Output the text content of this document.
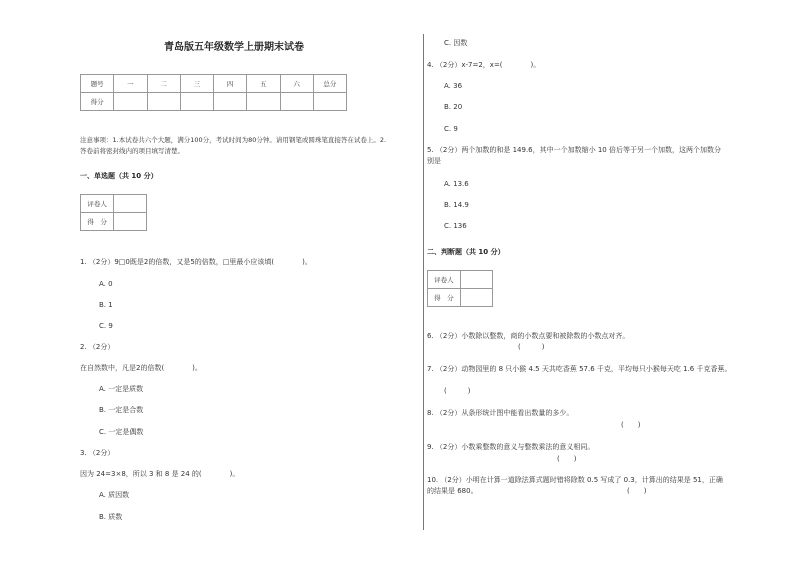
青岛版五年级数学上册期末试卷
题号	一	二	三	四	五	六	总分
得分							
注意事项：1.本试卷共六个大题，满分100分，考试时间为80分钟。请用钢笔或圆珠笔直接答在试卷上。2.
答卷前将密封线内的项目填写清楚。
一、单选题（共 10 分）
评卷人	
得　分	
1. （2分）9□0既是2的倍数，又是5的倍数，□里最小应该填(　　　　)。
A. 0
B. 1
C. 9
2. （2分）
在自然数中，凡是2的倍数(　　　　)。
A. 一定是质数
B. 一定是合数
C. 一定是偶数
3. （2分）
因为 24=3×8，所以 3 和 8 是 24 的(　　　　)。
A. 质因数
B. 质数
C. 因数
4. （2分）x-7=2，x=(　　　　)。
A. 36
B. 20
C. 9
5. （2分）两个加数的和是 149.6，其中一个加数缩小 10 倍后等于另一个加数，这两个加数分
别是
A. 13.6
B. 14.9
C. 136
二、判断题（共 10 分）
评卷人	
得　分	
6. （2分）小数除以整数，商的小数点要和被除数的小数点对齐。
(　　　)
7. （2分）动物园里的 8 只小猴 4.5 天共吃香蕉 57.6 千克，平均每只小猴每天吃 1.6 千克香蕉。
(　　　)
8. （2分）从条形统计图中能看出数量的多少。
(　　)
9. （2分）小数乘整数的意义与整数乘法的意义相同。
(　　)
10. （2分）小明在计算一道除法算式题时错将除数 0.5 写成了 0.3，计算出的结果是 51，正确
的结果是 680。	(　　)
